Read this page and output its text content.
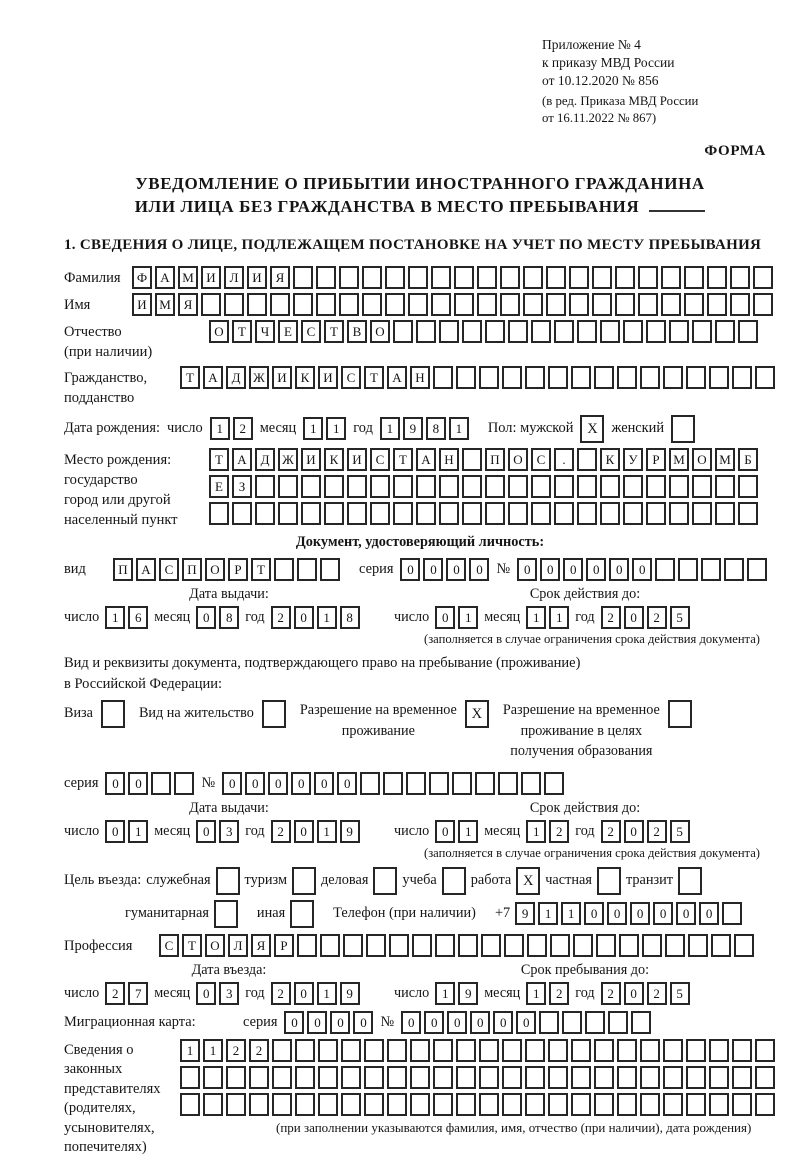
Приложение № 4
к приказу МВД России
от 10.12.2020 № 856
(в ред. Приказа МВД России
от 16.11.2022 № 867)
ФОРМА
УВЕДОМЛЕНИЕ О ПРИБЫТИИ ИНОСТРАННОГО ГРАЖДАНИНА
ИЛИ ЛИЦА БЕЗ ГРАЖДАНСТВА В МЕСТО ПРЕБЫВАНИЯ
1. СВЕДЕНИЯ О ЛИЦЕ, ПОДЛЕЖАЩЕМ ПОСТАНОВКЕ НА УЧЕТ ПО МЕСТУ ПРЕБЫВАНИЯ
Фамилия	Ф	А М И	Л	И	Я
Имя	И М Я
Отчество
(при наличии)
О	Т	Ч	Е	С	Т	В	О
Гражданство,
подданство
Т	А	Д Ж И	К	И	С	Т	А	Н
Дата рождения: число	1	2 месяц	1	1 год	1	9	8	1	Пол: мужской X женский
Место рождения:
государство
город или другой
населенный пункт
Т	А	Д Ж И	К	И	С	Т	А	Н	П	О	С	.	К	У	Р	М О М	Б
Е	З
Документ, удостоверяющий личность:
вид	П	А	С	П	О	Р	Т	серия	0	0	0	0 №	0	0	0	0	0	0
Дата выдачи:
число 1	6 месяц 0	8 год 2	0	1	8
Срок действия до:
число 0	1 месяц 1	1 год 2	0	2	5
(заполняется в случае ограничения срока действия документа)
Вид и реквизиты документа, подтверждающего право на пребывание (проживание)
в Российской Федерации:
Виза	Вид на жительство	Разрешение на временное
проживание
X	Разрешение на временное
проживание в целях
получения образования
серия	0	0	№	0	0	0	0	0	0
Дата выдачи:
число 0	1 месяц 0	3 год 2	0	1	9
Срок действия до:
число 0	1 месяц 1	2 год 2	0	2	5
(заполняется в случае ограничения срока действия документа)
Цель въезда: служебная туризм деловая учеба работа X частная транзит
гуманитарная	иная	Телефон (при наличии) +7 9	1	1	0	0	0	0	0	0
Профессия	С	Т	О	Л	Я	Р
Дата въезда:
число 2	7 месяц 0	3 год 2	0	1	9
Срок пребывания до:
число 1	9 месяц 1	2 год 2	0	2	5
Миграционная карта:	серия	0	0	0	0 №	0	0	0	0	0	0
Сведения о
законных
представителях
(родителях,
усыновителях,
попечителях)
1	1	2	2
(при заполнении указываются фамилия, имя, отчество (при наличии), дата рождения)
